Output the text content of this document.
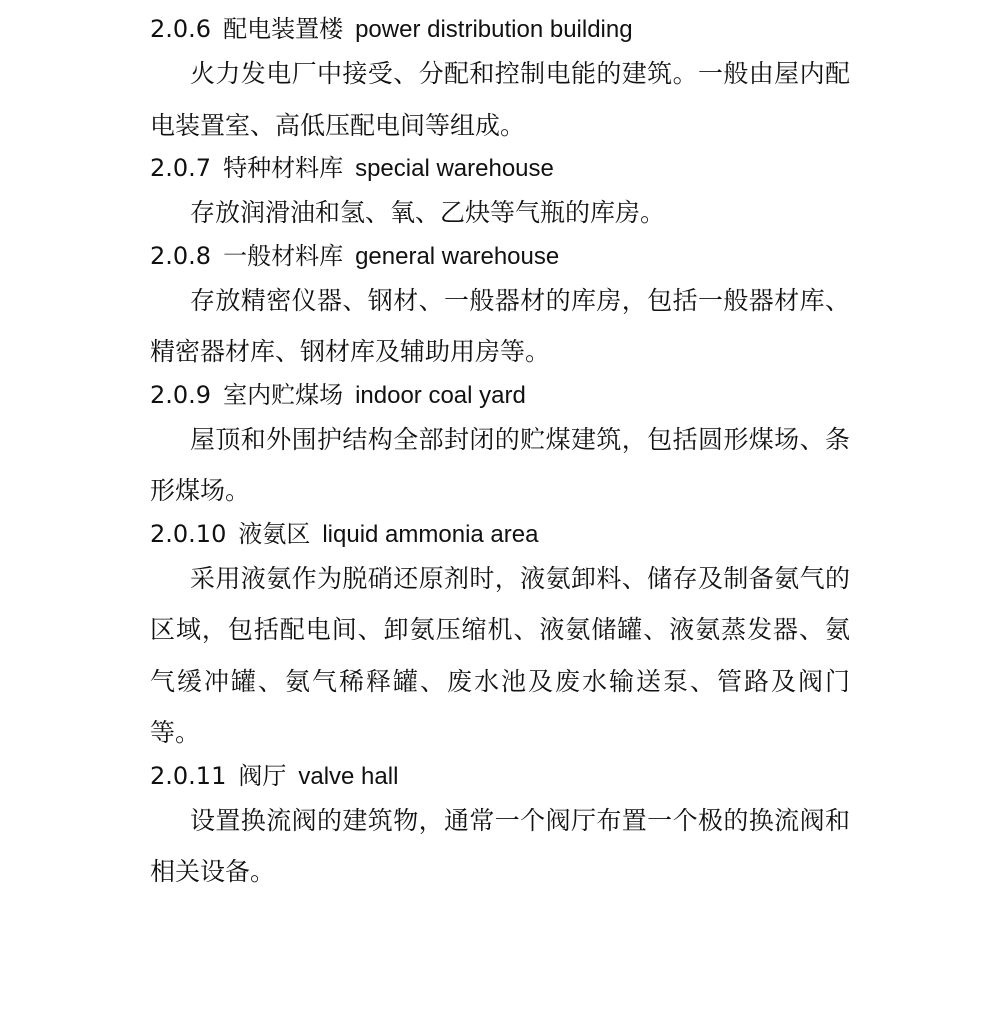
2.0.6 配电装置楼 power distribution building

火力发电厂中接受、分配和控制电能的建筑。一般由屋内配电装置室、高低压配电间等组成。

2.0.7 特种材料库 special warehouse

存放润滑油和氢、氧、乙炔等气瓶的库房。

2.0.8 一般材料库 general warehouse

存放精密仪器、钢材、一般器材的库房，包括一般器材库、精密器材库、钢材库及辅助用房等。

2.0.9 室内贮煤场 indoor coal yard

屋顶和外围护结构全部封闭的贮煤建筑，包括圆形煤场、条形煤场。

2.0.10 液氨区 liquid ammonia area

采用液氨作为脱硝还原剂时，液氨卸料、储存及制备氨气的区域，包括配电间、卸氨压缩机、液氨储罐、液氨蒸发器、氨气缓冲罐、氨气稀释罐、废水池及废水输送泵、管路及阀门等。

2.0.11 阀厅 valve hall

设置换流阀的建筑物，通常一个阀厅布置一个极的换流阀和相关设备。
